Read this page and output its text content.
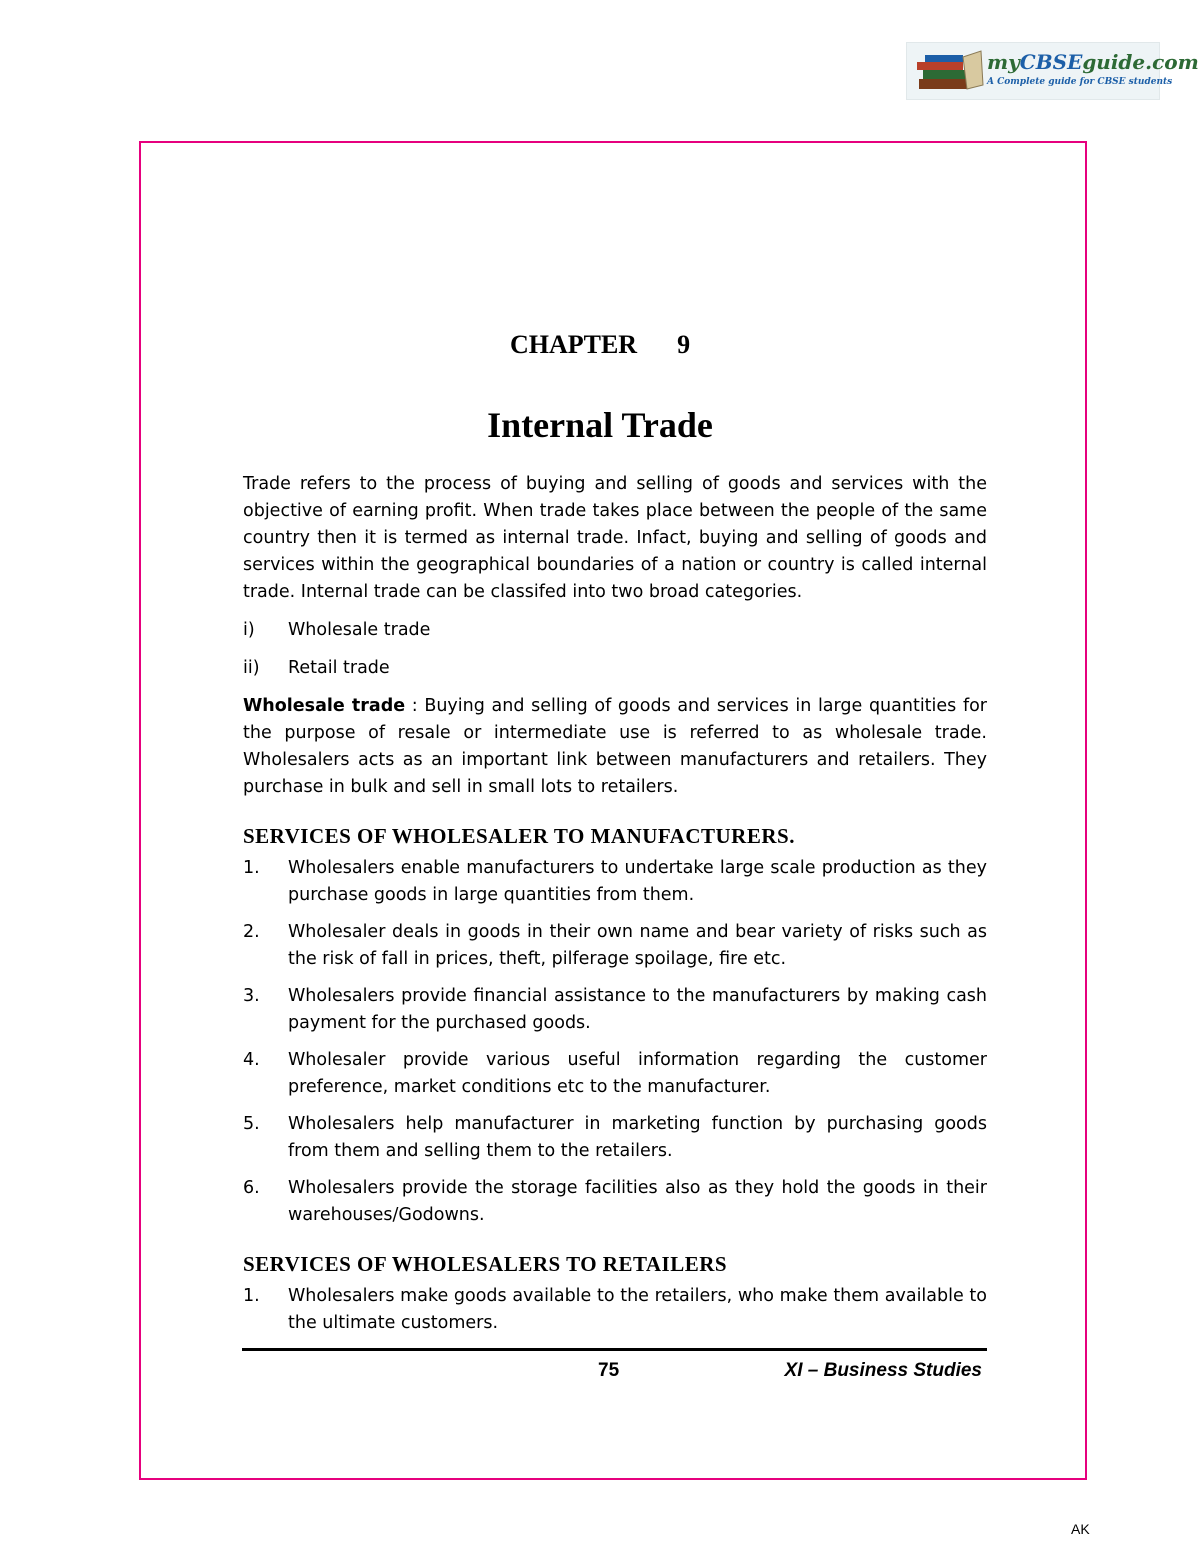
myCBSEguide.com
A Complete guide for CBSE students
CHAPTER 9
Internal Trade

Trade refers to the process of buying and selling of goods and services with the objective of earning profit. When trade takes place between the people of the same country then it is termed as internal trade. Infact, buying and selling of goods and services within the geographical boundaries of a nation or country is called internal trade. Internal trade can be classifed into two broad categories.

i)	Wholesale trade
ii)	Retail trade

Wholesale trade : Buying and selling of goods and services in large quantities for the purpose of resale or intermediate use is referred to as wholesale trade. Wholesalers acts as an important link between manufacturers and retailers. They purchase in bulk and sell in small lots to retailers.

SERVICES OF WHOLESALER TO MANUFACTURERS.
1.	Wholesalers enable manufacturers to undertake large scale production as they purchase goods in large quantities from them.
2.	Wholesaler deals in goods in their own name and bear variety of risks such as the risk of fall in prices, theft, pilferage spoilage, fire etc.
3.	Wholesalers provide financial assistance to the manufacturers by making cash payment for the purchased goods.
4.	Wholesaler provide various useful information regarding the customer preference, market conditions etc to the manufacturer.
5.	Wholesalers help manufacturer in marketing function by purchasing goods from them and selling them to the retailers.
6.	Wholesalers provide the storage facilities also as they hold the goods in their warehouses/Godowns.
SERVICES OF WHOLESALERS TO RETAILERS
1.	Wholesalers make goods available to the retailers, who make them available to the ultimate customers.
75	XI – Business Studies
AK
